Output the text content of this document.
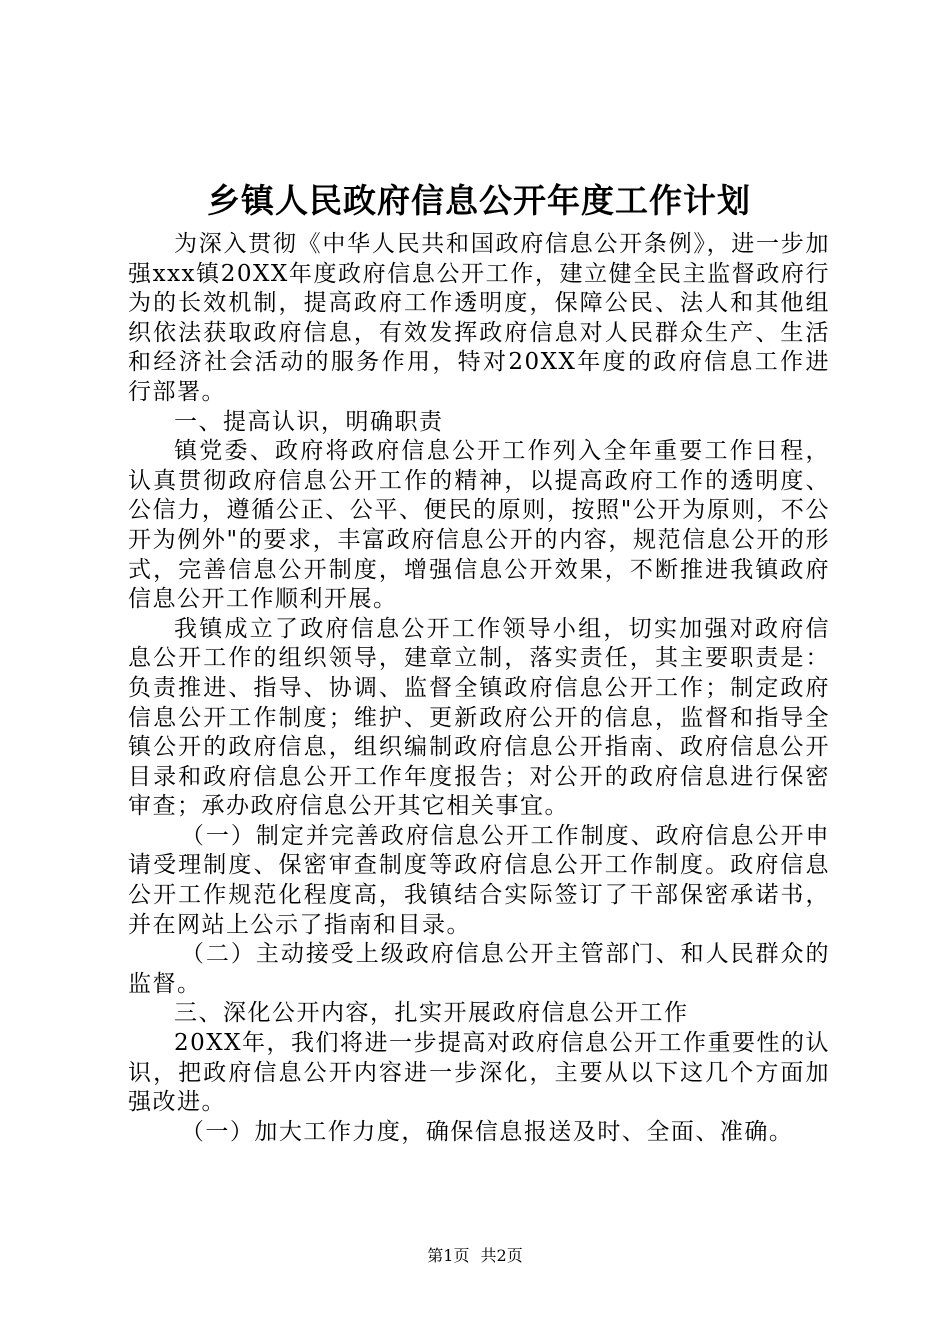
乡镇人民政府信息公开年度工作计划

为深入贯彻《中华人民共和国政府信息公开条例》，进一步加强xxx镇20XX年度政府信息公开工作，建立健全民主监督政府行为的长效机制，提高政府工作透明度，保障公民、法人和其他组织依法获取政府信息，有效发挥政府信息对人民群众生产、生活和经济社会活动的服务作用，特对20XX年度的政府信息工作进行部署。

一、提高认识，明确职责

镇党委、政府将政府信息公开工作列入全年重要工作日程，认真贯彻政府信息公开工作的精神，以提高政府工作的透明度、公信力，遵循公正、公平、便民的原则，按照"公开为原则，不公开为例外"的要求，丰富政府信息公开的内容，规范信息公开的形式，完善信息公开制度，增强信息公开效果，不断推进我镇政府信息公开工作顺利开展。

我镇成立了政府信息公开工作领导小组，切实加强对政府信息公开工作的组织领导，建章立制，落实责任，其主要职责是：负责推进、指导、协调、监督全镇政府信息公开工作；制定政府信息公开工作制度；维护、更新政府公开的信息，监督和指导全镇公开的政府信息，组织编制政府信息公开指南、政府信息公开目录和政府信息公开工作年度报告；对公开的政府信息进行保密审查；承办政府信息公开其它相关事宜。

（一）制定并完善政府信息公开工作制度、政府信息公开申请受理制度、保密审查制度等政府信息公开工作制度。政府信息公开工作规范化程度高，我镇结合实际签订了干部保密承诺书，并在网站上公示了指南和目录。

（二）主动接受上级政府信息公开主管部门、和人民群众的监督。

三、深化公开内容，扎实开展政府信息公开工作

20XX年，我们将进一步提高对政府信息公开工作重要性的认识，把政府信息公开内容进一步深化，主要从以下这几个方面加强改进。

（一）加大工作力度，确保信息报送及时、全面、准确。

第1页 共2页
